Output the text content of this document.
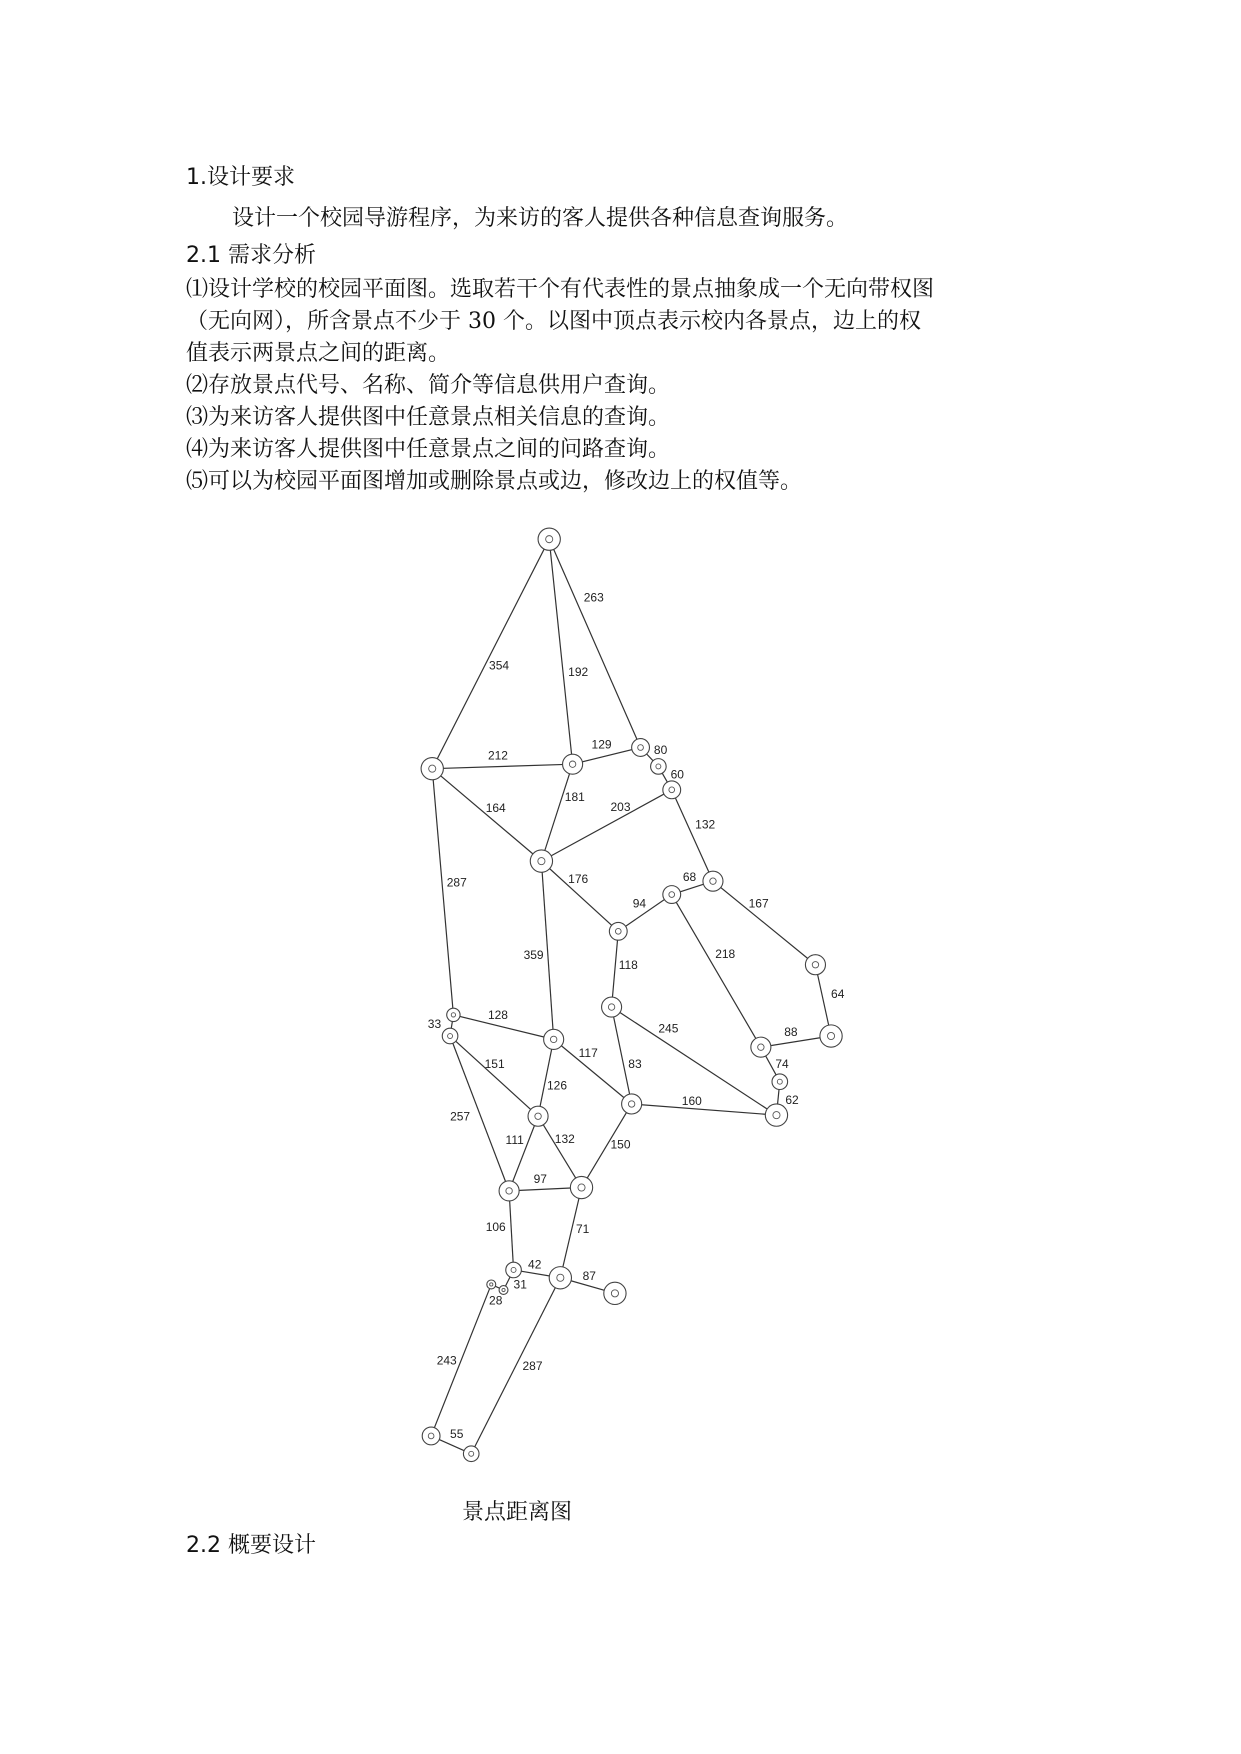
1.设计要求
设计一个校园导游程序，为来访的客人提供各种信息查询服务。
2.1 需求分析
⑴设计学校的校园平面图。选取若干个有代表性的景点抽象成一个无向带权图
（无向网），所含景点不少于 30 个。以图中顶点表示校内各景点，边上的权
值表示两景点之间的距离。
⑵存放景点代号、名称、简介等信息供用户查询。
⑶为来访客人提供图中任意景点相关信息的查询。
⑷为来访客人提供图中任意景点之间的问路查询。
⑸可以为校园平面图增加或删除景点或边，修改边上的权值等。
263
354	192
129	80
212
60
181
203
164
132
176	68
287
94	167
359	218
118
64
33
128
245	88
117
83
151
126
74
62
160
257
111	132	150
97
106	71
42
31
87
28
243	287
55
景点距离图
2.2 概要设计
